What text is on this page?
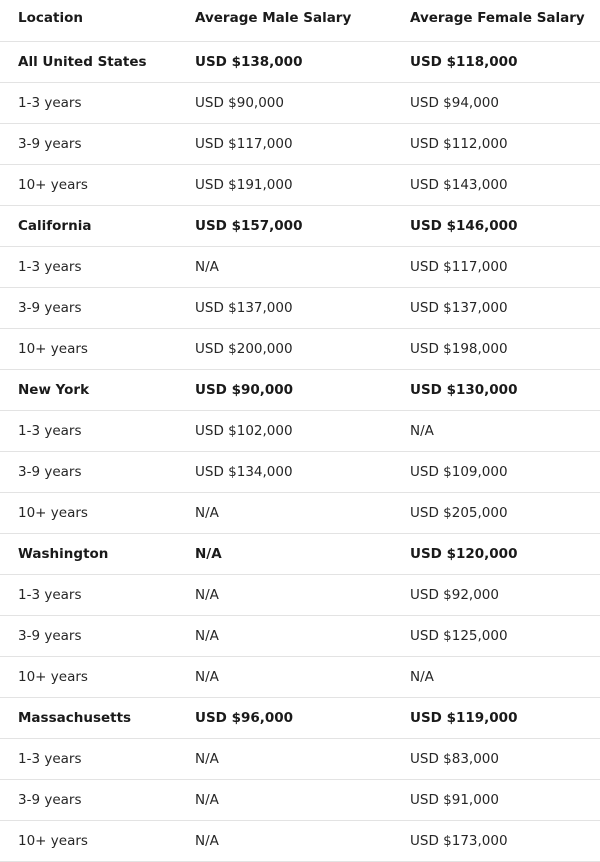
Location	Average Male Salary	Average Female Salary
All United States	USD $138,000	USD $118,000
1-3 years	USD $90,000	USD $94,000
3-9 years	USD $117,000	USD $112,000
10+ years	USD $191,000	USD $143,000
California	USD $157,000	USD $146,000
1-3 years	N/A	USD $117,000
3-9 years	USD $137,000	USD $137,000
10+ years	USD $200,000	USD $198,000
New York	USD $90,000	USD $130,000
1-3 years	USD $102,000	N/A
3-9 years	USD $134,000	USD $109,000
10+ years	N/A	USD $205,000
Washington	N/A	USD $120,000
1-3 years	N/A	USD $92,000
3-9 years	N/A	USD $125,000
10+ years	N/A	N/A
Massachusetts	USD $96,000	USD $119,000
1-3 years	N/A	USD $83,000
3-9 years	N/A	USD $91,000
10+ years	N/A	USD $173,000
